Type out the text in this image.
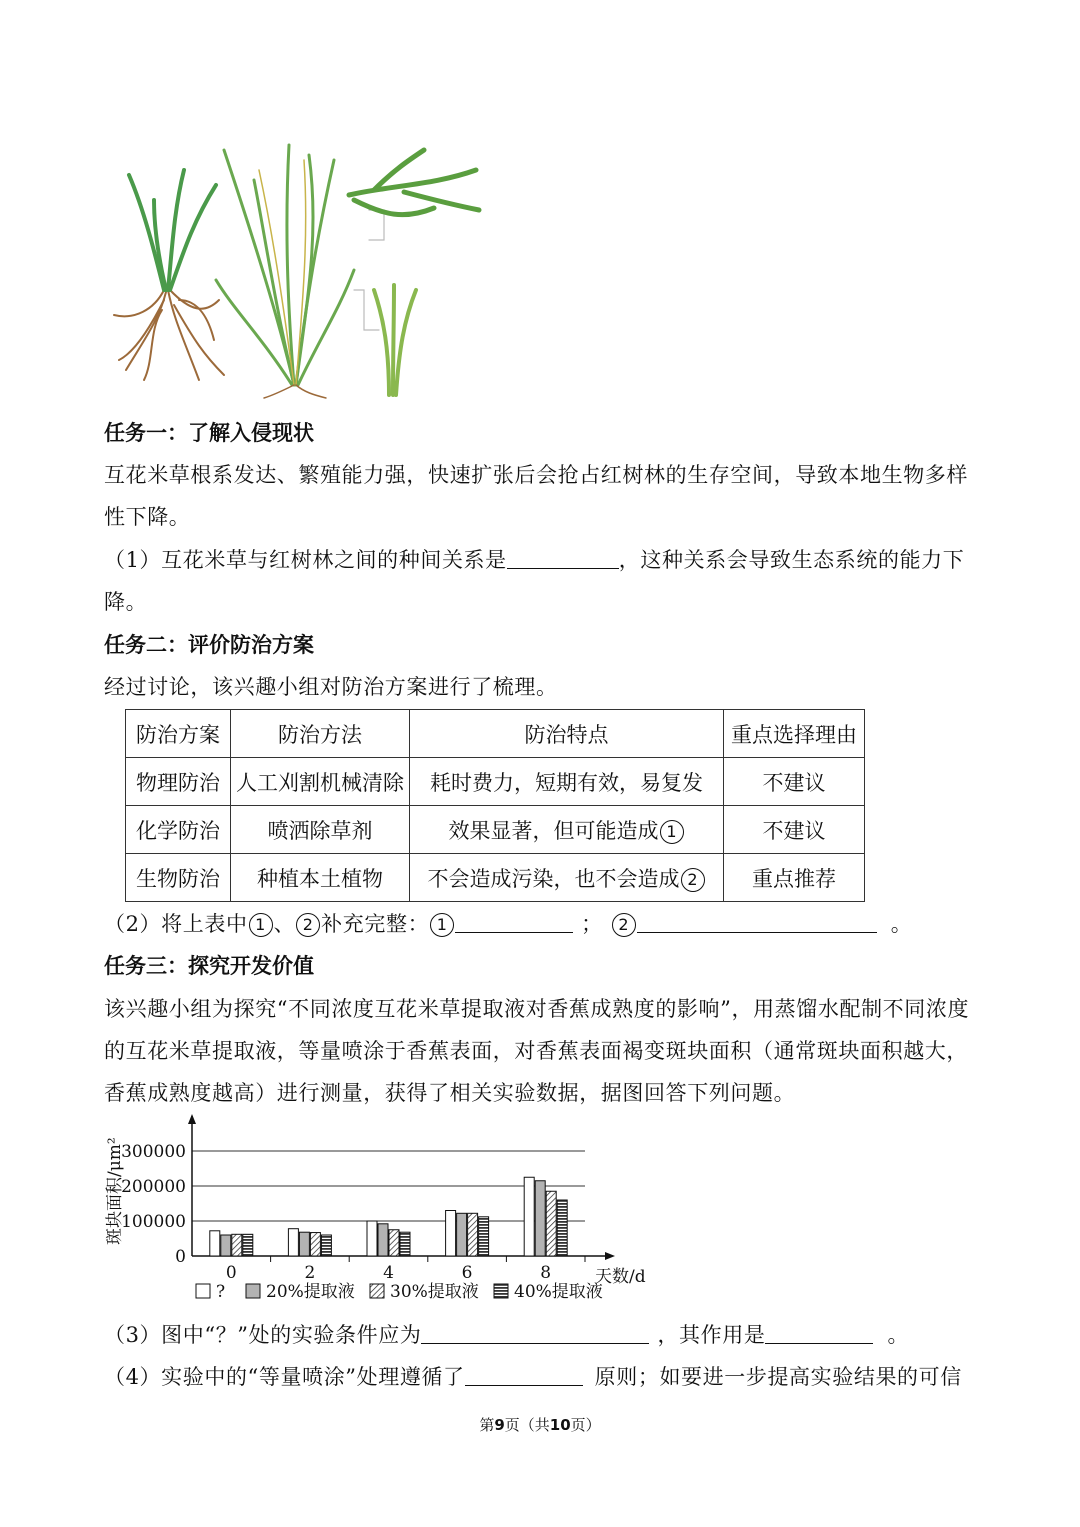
任务一：了解入侵现状
互花米草根系发达、繁殖能力强，快速扩张后会抢占红树林的生存空间，导致本地生物多样性下降。
（1）互花米草与红树林之间的种间关系是	，这种关系会导致生态系统的能力下降。
任务二：评价防治方案
经过讨论，该兴趣小组对防治方案进行了梳理。
防治方案	防治方法	防治特点	重点选择理由
物理防治	人工刈割机械清除	耗时费力，短期有效，易复发	不建议
化学防治	喷洒除草剂	效果显著，但可能造成 1	不建议
生物防治	种植本土植物	不会造成污染，也不会造成 2	重点推荐
（2）将上表中 1 、 2 补充完整： 1	； 2	。
任务三：探究开发价值
该兴趣小组为探究“不同浓度互花米草提取液对香蕉成熟度的影响”，用蒸馏水配制不同浓度的互花米草提取液，等量喷涂于香蕉表面，对香蕉表面褐变斑块面积（通常斑块面积越大，香蕉成熟度越高）进行测量，获得了相关实验数据，据图回答下列问题。
0
100000
200000
300000
0	2	4	6	8
斑块面积/μm²
天数/d
? 20%提取液 30%提取液 40%提取液
（3）图中“？”处的实验条件应为	，其作用是	。
（4）实验中的“等量喷涂”处理遵循了	原则；如要进一步提高实验结果的可信
第9页（共10页）
